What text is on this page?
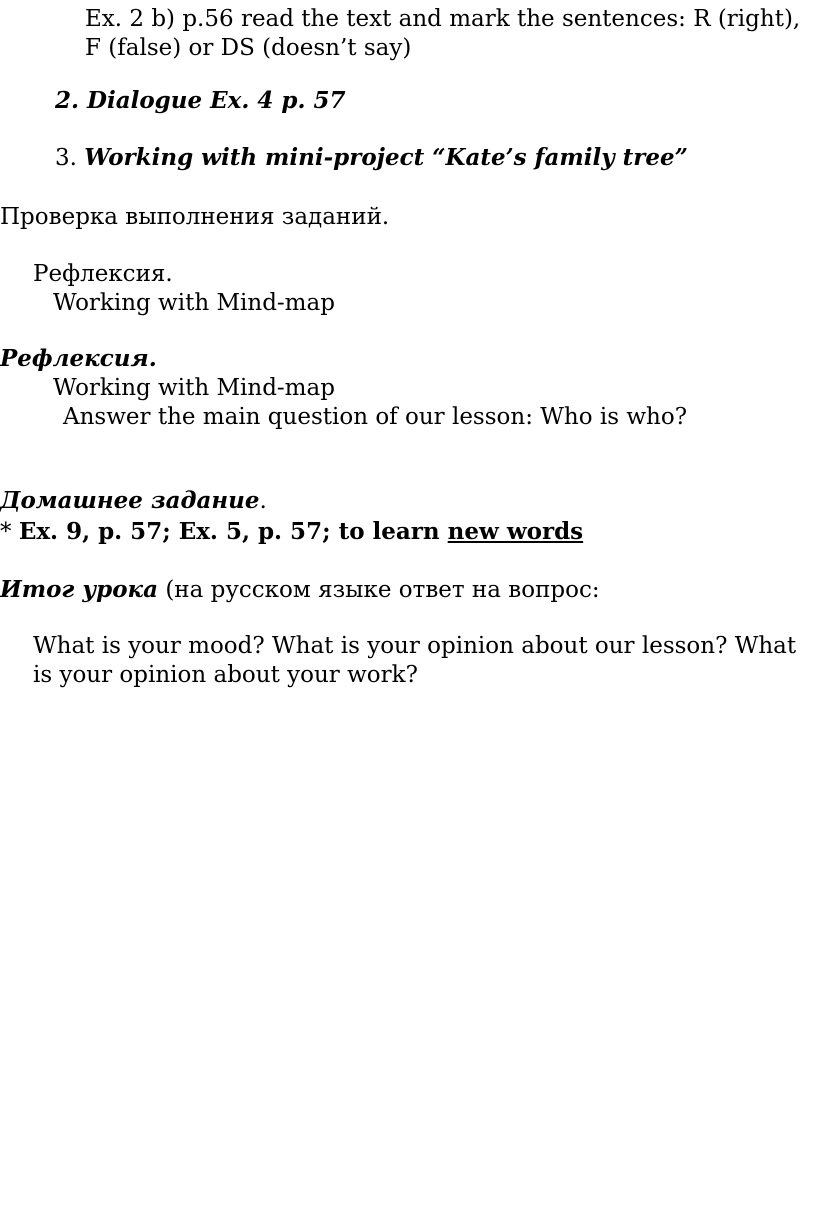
Ex. 2 b) p.56 read the text and mark the sentences: R (right),

F (false) or DS (doesn’t say)

2. Dialogue Ex. 4 p. 57

3. Working with mini-project “Kate’s family tree”

Проверка выполнения заданий.

Рефлексия.

Working with Mind-map

Рефлексия.

Working with Mind-map

Answer the main question of our lesson: Who is who?

Домашнее задание.

* Ex. 9, p. 57; Ex. 5, p. 57; to learn new words

Итог урока (на русском языке ответ на вопрос:

What is your mood? What is your opinion about our lesson? What

is your opinion about your work?
